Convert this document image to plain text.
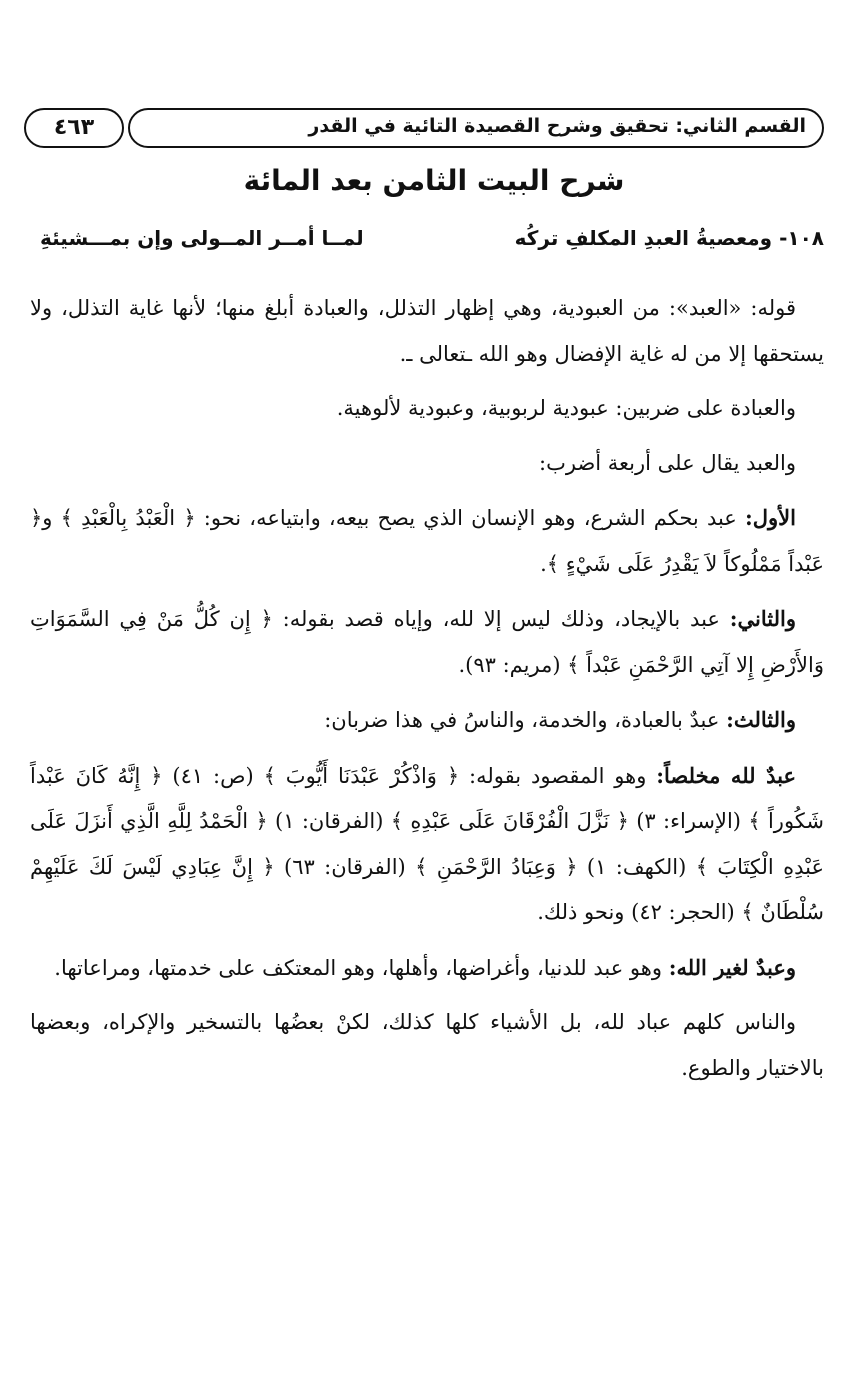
القسم الثاني: تحقيق وشرح القصيدة التائية في القدر
٤٦٣
شرح البيت الثامن بعد المائة
١٠٨- ومعصيةُ العبدِ المكلفِ تركُه
لمــا أمــر المــولى وإن بمـــشيئةِ

قوله: «العبد»: من العبودية، وهي إظهار التذلل، والعبادة أبلغ منها؛ لأنها غاية التذلل، ولا يستحقها إلا من له غاية الإفضال وهو الله ـتعالى ـ.

والعبادة على ضربين: عبودية لربوبية، وعبودية لألوهية.

والعبد يقال على أربعة أضرب:

الأول: عبد بحكم الشرع، وهو الإنسان الذي يصح بيعه، وابتياعه، نحو: ﴿ الْعَبْدُ بِالْعَبْدِ ﴾ و﴿ عَبْداً مَمْلُوكاً لاَ يَقْدِرُ عَلَى شَيْءٍ ﴾.

والثاني: عبد بالإيجاد، وذلك ليس إلا لله، وإياه قصد بقوله: ﴿ إِن كُلُّ مَنْ فِي السَّمَوَاتِ وَالأَرْضِ إِلا آتِي الرَّحْمَنِ عَبْداً ﴾ (مريم: ٩٣).

والثالث: عبدٌ بالعبادة، والخدمة، والناسُ في هذا ضربان:

عبدٌ لله مخلصاً: وهو المقصود بقوله: ﴿ وَاذْكُرْ عَبْدَنَا أَيُّوبَ ﴾ (ص: ٤١) ﴿ إِنَّهُ كَانَ عَبْداً شَكُوراً ﴾ (الإسراء: ٣) ﴿ نَزَّلَ الْفُرْقَانَ عَلَى عَبْدِهِ ﴾ (الفرقان: ١) ﴿ الْحَمْدُ لِلَّهِ الَّذِي أَنزَلَ عَلَى عَبْدِهِ الْكِتَابَ ﴾ (الكهف: ١) ﴿ وَعِبَادُ الرَّحْمَنِ ﴾ (الفرقان: ٦٣) ﴿ إِنَّ عِبَادِي لَيْسَ لَكَ عَلَيْهِمْ سُلْطَانٌ ﴾ (الحجر: ٤٢) ونحو ذلك.

وعبدٌ لغير الله: وهو عبد للدنيا، وأغراضها، وأهلها، وهو المعتكف على خدمتها، ومراعاتها.

والناس كلهم عباد لله، بل الأشياء كلها كذلك، لكنْ بعضُها بالتسخير والإكراه، وبعضها بالاختيار والطوع.
